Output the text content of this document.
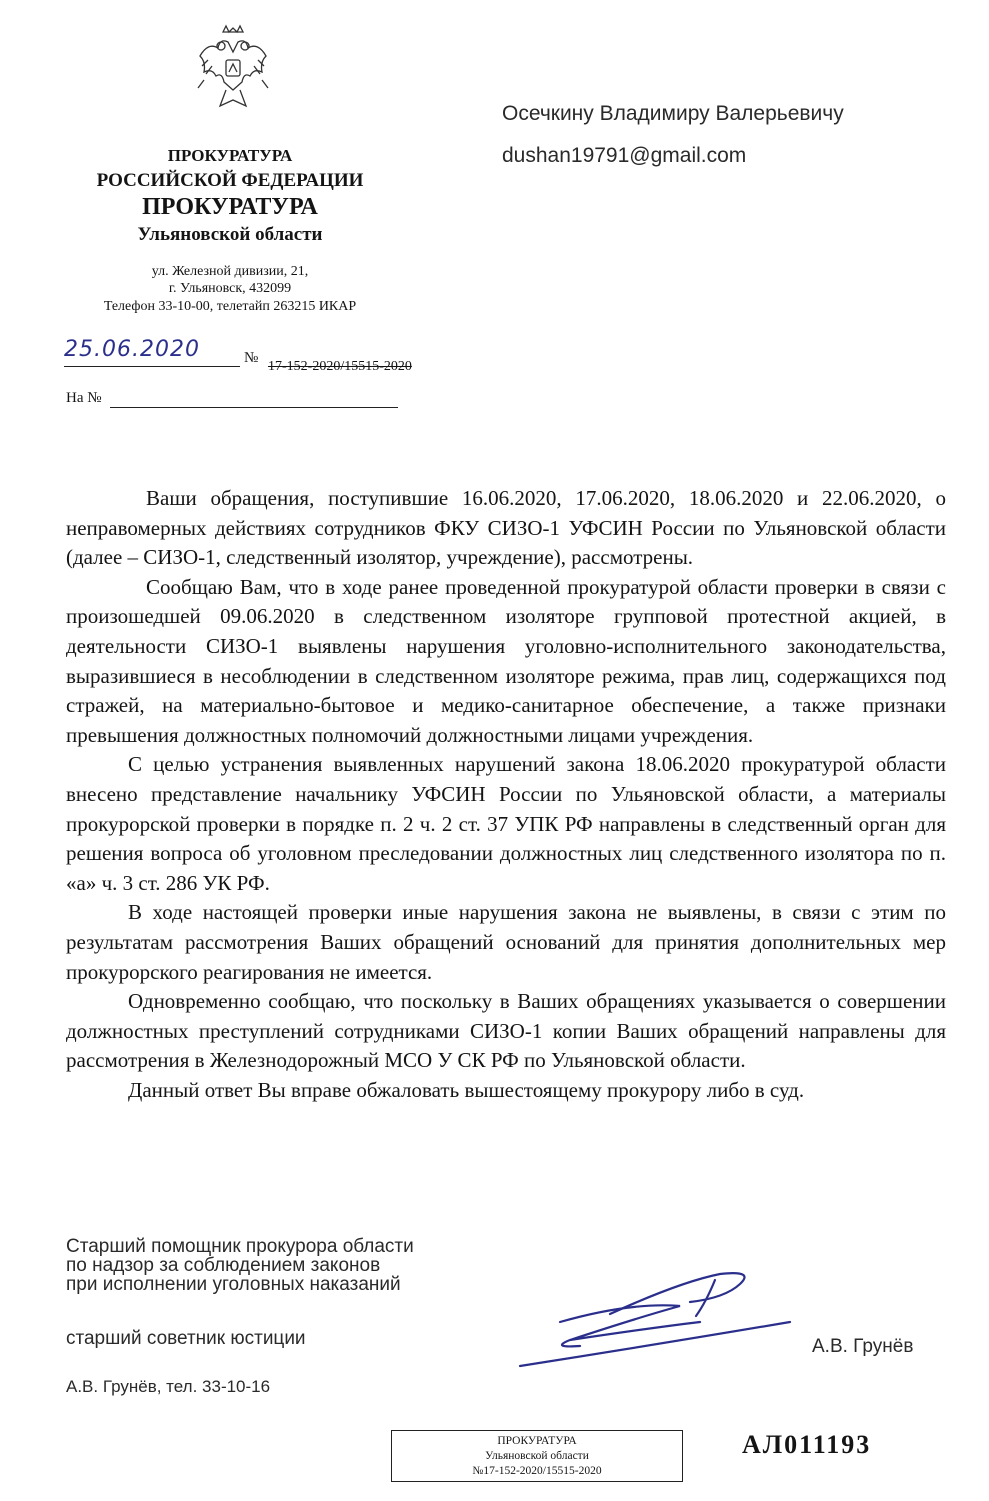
ПРОКУРАТУРА
РОССИЙСКОЙ ФЕДЕРАЦИИ
ПРОКУРАТУРА
Ульяновской области
ул. Железной дивизии, 21,
г. Ульяновск, 432099
Телефон 33-10-00, телетайп 263215 ИКАР
25.06.2020	№
17-152-2020/15515-2020
На №
Осечкину Владимиру Валерьевичу
dushan19791@gmail.com

Ваши обращения, поступившие 16.06.2020, 17.06.2020, 18.06.2020 и 22.06.2020, о неправомерных действиях сотрудников ФКУ СИЗО-1 УФСИН России по Ульяновской области (далее – СИЗО-1, следственный изолятор, учреждение), рассмотрены.

Сообщаю Вам, что в ходе ранее проведенной прокуратурой области проверки в связи с произошедшей 09.06.2020 в следственном изоляторе групповой протестной акцией, в деятельности СИЗО-1 выявлены нарушения уголовно-исполнительного законодательства, выразившиеся в несоблюдении в следственном изоляторе режима, прав лиц, содержащихся под стражей, на материально-бытовое и медико-санитарное обеспечение, а также признаки превышения должностных полномочий должностными лицами учреждения.

С целью устранения выявленных нарушений закона 18.06.2020 прокуратурой области внесено представление начальнику УФСИН России по Ульяновской области, а материалы прокурорской проверки в порядке п. 2 ч. 2 ст. 37 УПК РФ направлены в следственный орган для решения вопроса об уголовном преследовании должностных лиц следственного изолятора по п. «а» ч. 3 ст. 286 УК РФ.

В ходе настоящей проверки иные нарушения закона не выявлены, в связи с этим по результатам рассмотрения Ваших обращений оснований для принятия дополнительных мер прокурорского реагирования не имеется.

Одновременно сообщаю, что поскольку в Ваших обращениях указывается о совершении должностных преступлений сотрудниками СИЗО-1 копии Ваших обращений направлены для рассмотрения в Железнодорожный МСО У СК РФ по Ульяновской области.

Данный ответ Вы вправе обжаловать вышестоящему прокурору либо в суд.

Старший помощник прокурора области
по надзор за соблюдением законов
при исполнении уголовных наказаний
старший советник юстиции	А.В. Грунёв
А.В. Грунёв, тел. 33-10-16
ПРОКУРАТУРА
Ульяновской области
№17-152-2020/15515-2020
АЛ011193
